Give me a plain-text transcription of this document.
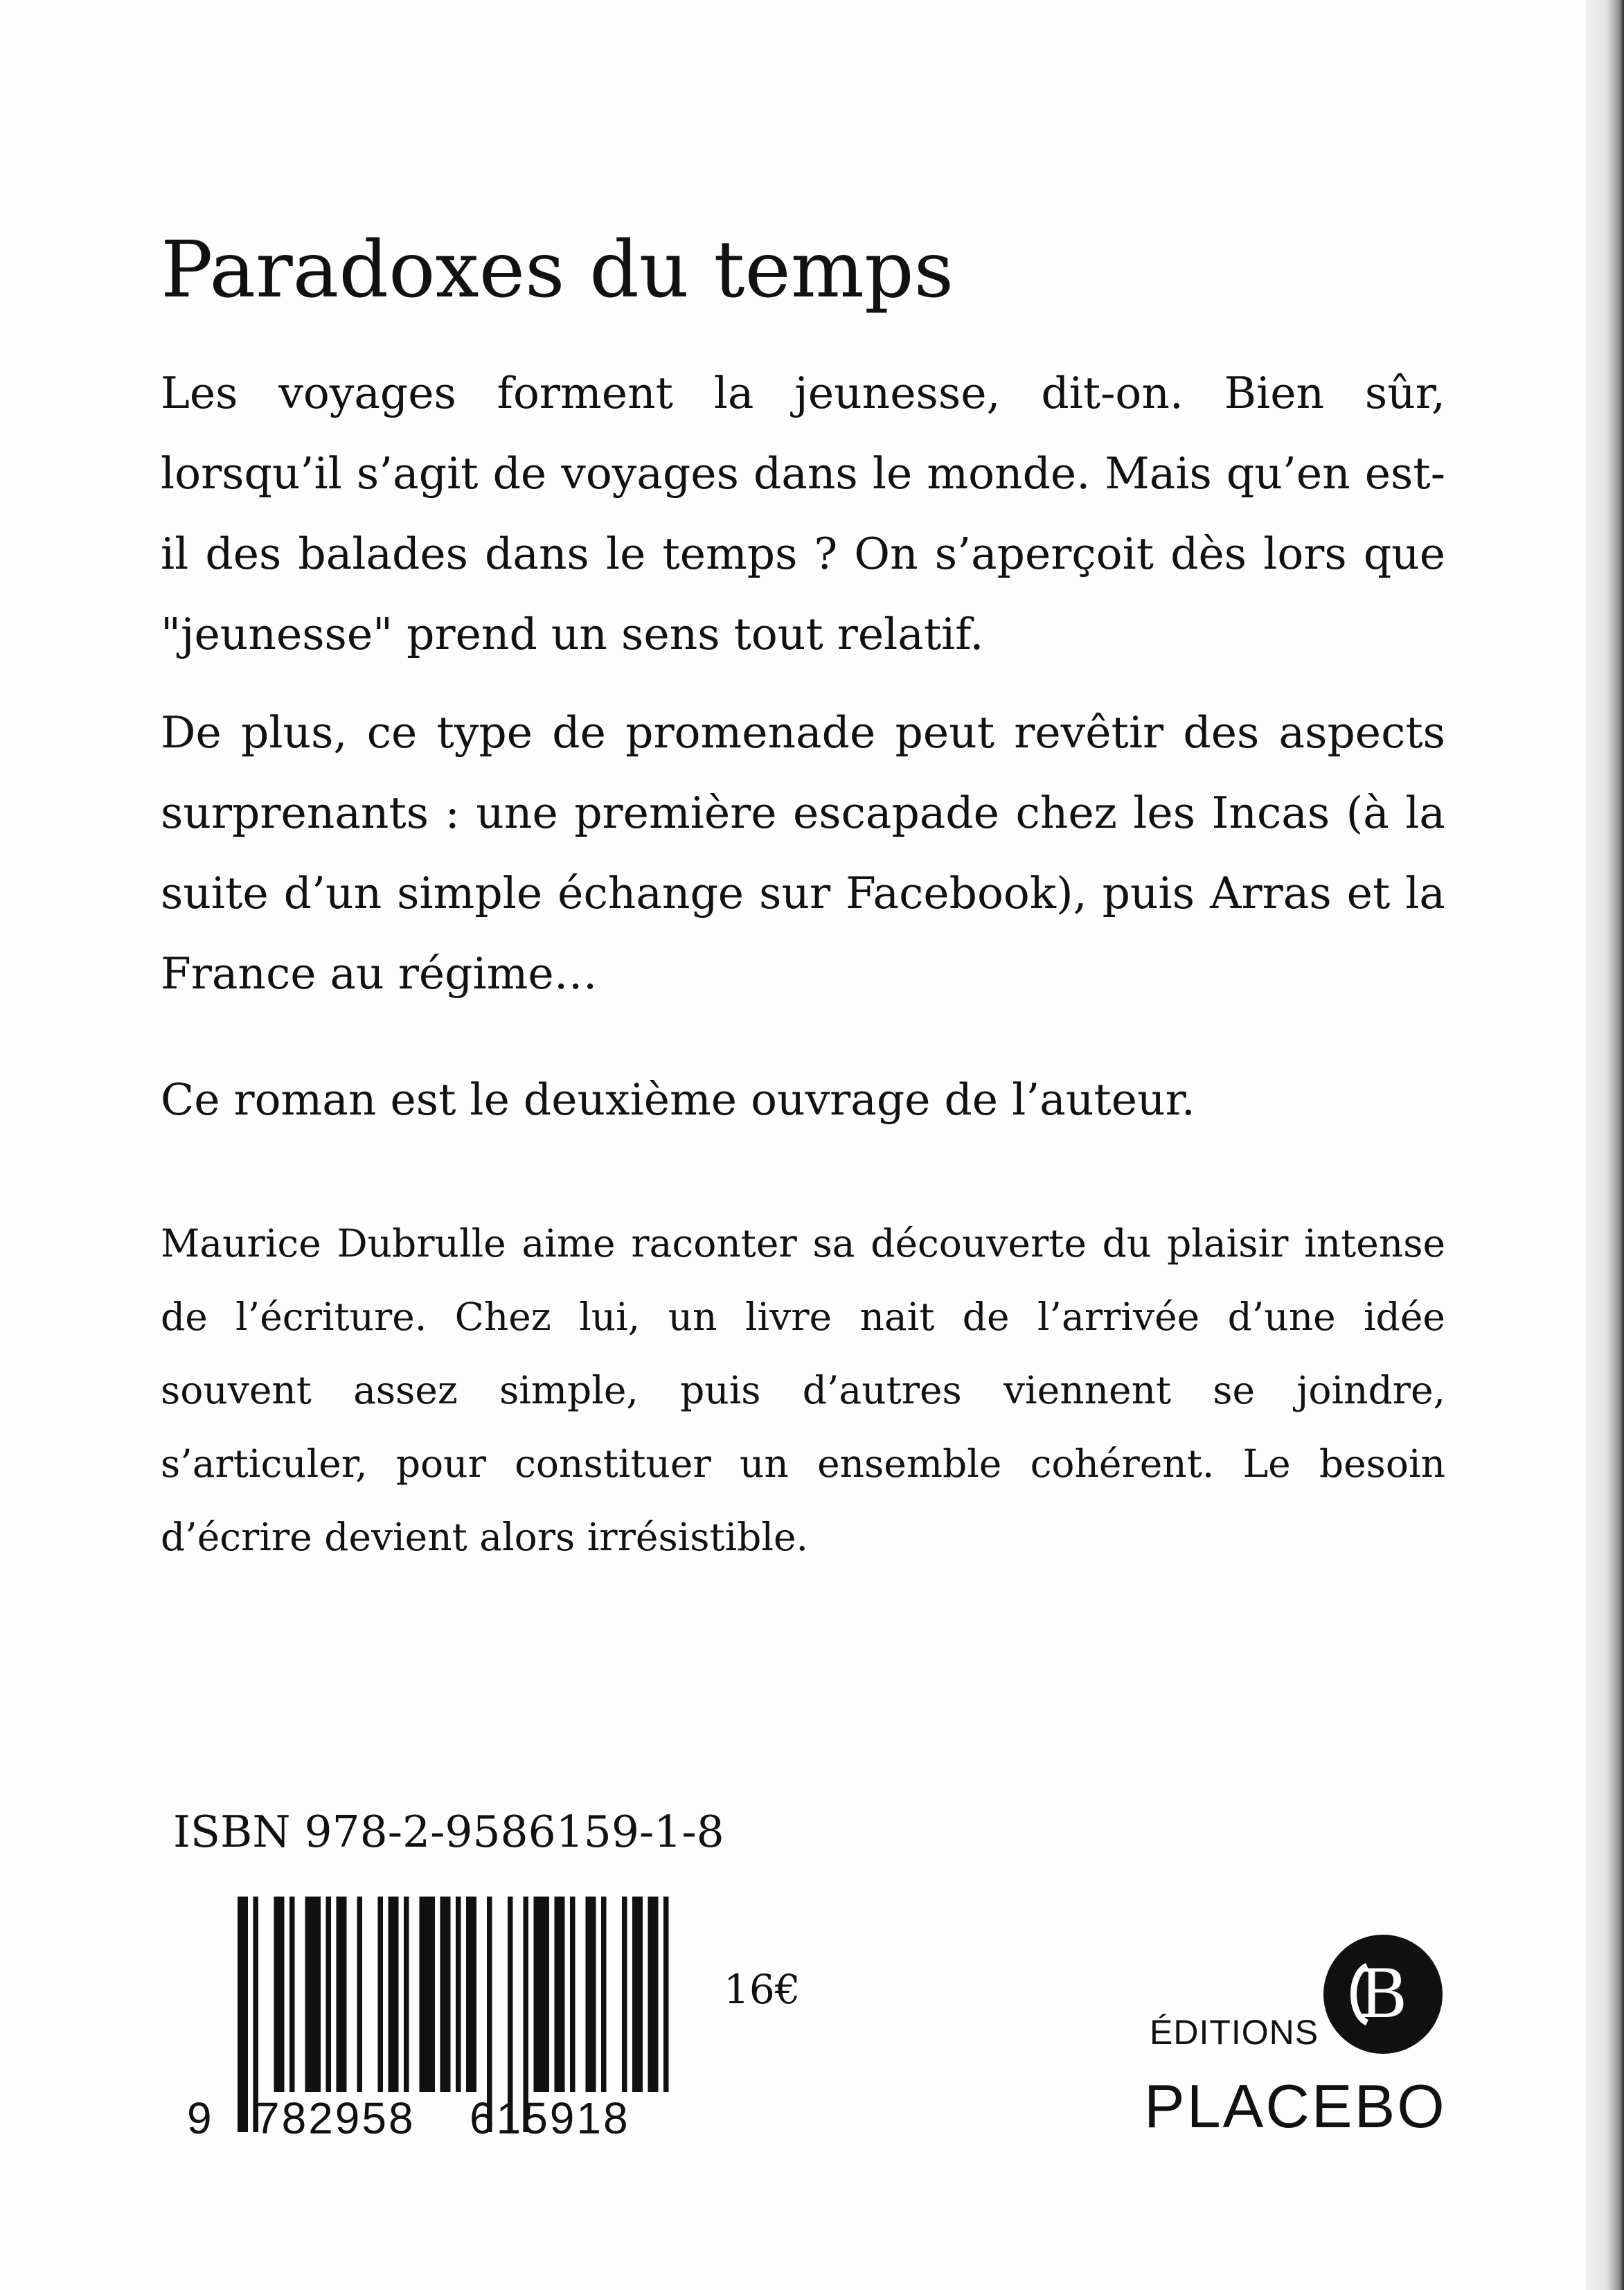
Paradoxes du temps

Les voyages forment la jeunesse, dit-on. Bien sûr, lorsqu’il s’agit de voyages dans le monde. Mais qu’en est-il des balades dans le temps ? On s’aperçoit dès lors que "jeunesse" prend un sens tout relatif.

De plus, ce type de promenade peut revêtir des aspects surprenants : une première escapade chez les Incas (à la suite d’un simple échange sur Facebook), puis Arras et la France au régime…

Ce roman est le deuxième ouvrage de l’auteur.

Maurice Dubrulle aime raconter sa découverte du plaisir intense de l’écriture. Chez lui, un livre nait de l’arrivée d’une idée souvent assez simple, puis d’autres viennent se joindre, s’articuler, pour constituer un ensemble cohérent. Le besoin d’écrire devient alors irrésistible.

ISBN 978-2-9586159-1-8
9 782958 615918
16€	B
ÉDITIONS
PLACEBO
